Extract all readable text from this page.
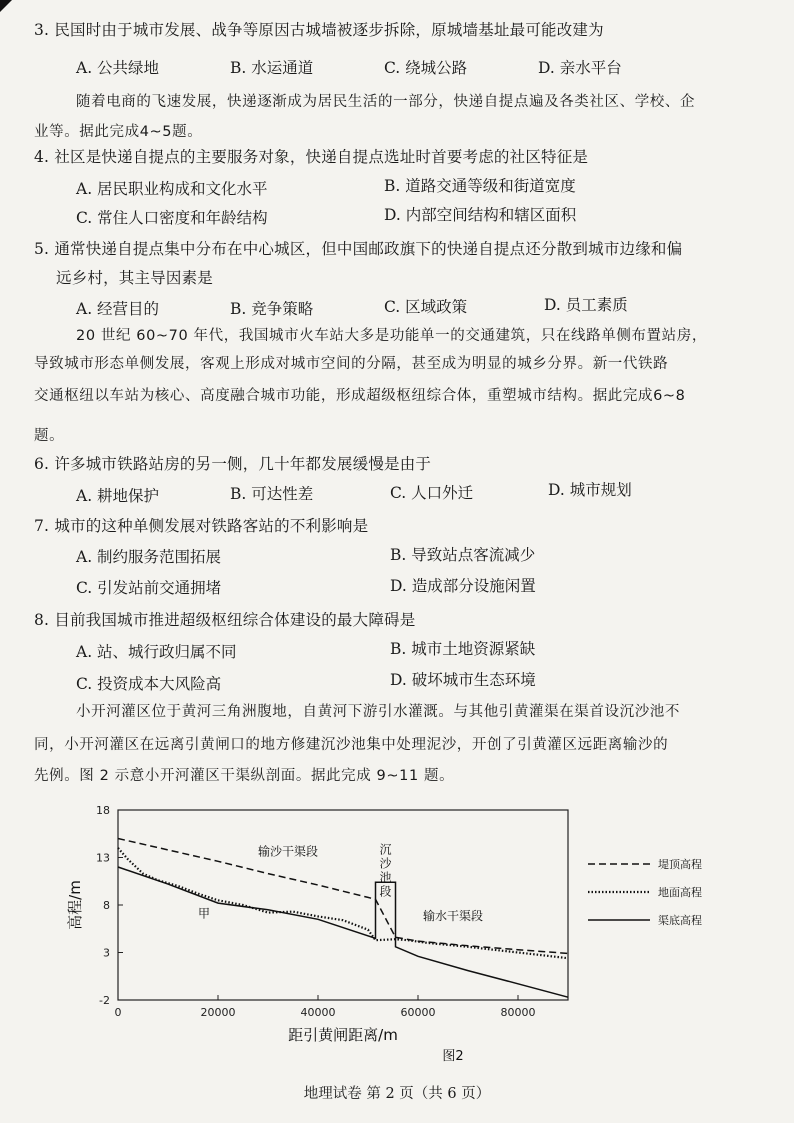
3. 民国时由于城市发展、战争等原因古城墙被逐步拆除，原城墙基址最可能改建为
A. 公共绿地	B. 水运通道	C. 绕城公路	D. 亲水平台
随着电商的飞速发展，快递逐渐成为居民生活的一部分，快递自提点遍及各类社区、学校、企
业等。据此完成4~5题。
4. 社区是快递自提点的主要服务对象，快递自提点选址时首要考虑的社区特征是
A. 居民职业构成和文化水平	B. 道路交通等级和街道宽度
C. 常住人口密度和年龄结构	D. 内部空间结构和辖区面积
5. 通常快递自提点集中分布在中心城区，但中国邮政旗下的快递自提点还分散到城市边缘和偏
远乡村，其主导因素是
A. 经营目的	B. 竞争策略	C. 区域政策	D. 员工素质
20 世纪 60~70 年代，我国城市火车站大多是功能单一的交通建筑，只在线路单侧布置站房，
导致城市形态单侧发展，客观上形成对城市空间的分隔，甚至成为明显的城乡分界。新一代铁路
交通枢纽以车站为核心、高度融合城市功能，形成超级枢纽综合体，重塑城市结构。据此完成6~8
题。
6. 许多城市铁路站房的另一侧，几十年都发展缓慢是由于
A. 耕地保护	B. 可达性差	C. 人口外迁	D. 城市规划
7. 城市的这种单侧发展对铁路客站的不利影响是
A. 制约服务范围拓展	B. 导致站点客流减少
C. 引发站前交通拥堵	D. 造成部分设施闲置
8. 目前我国城市推进超级枢纽综合体建设的最大障碍是
A. 站、城行政归属不同	B. 城市土地资源紧缺
C. 投资成本大风险高	D. 破坏城市生态环境
小开河灌区位于黄河三角洲腹地，自黄河下游引水灌溉。与其他引黄灌渠在渠首设沉沙池不
同，小开河灌区在远离引黄闸口的地方修建沉沙池集中处理泥沙，开创了引黄灌区远距离输沙的
先例。图 2 示意小开河灌区干渠纵剖面。据此完成 9~11 题。
-2
3
8
13
18
0	20000	40000	60000	80000
距引黄闸距离/m
高程/m
图2
输沙干渠段
输水干渠段
甲
沉
沙
池
段
堤顶高程
地面高程
渠底高程
地理试卷 第 2 页（共 6 页）
